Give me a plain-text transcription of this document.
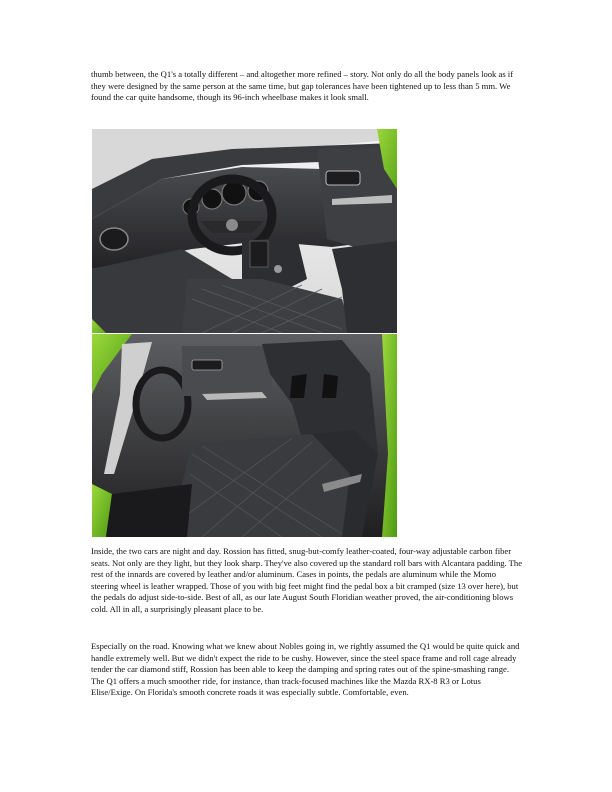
thumb between, the Q1's a totally different – and altogether more refined – story. Not only do all the body panels look as if they were designed by the same person at the same time, but gap tolerances have been tightened up to less than 5 mm. We found the car quite handsome, though its 96-inch wheelbase makes it look small.

Inside, the two cars are night and day. Rossion has fitted, snug-but-comfy leather-coated, four-way adjustable carbon fiber seats. Not only are they light, but they look sharp. They've also covered up the standard roll bars with Alcantara padding. The rest of the innards are covered by leather and/or aluminum. Cases in points, the pedals are aluminum while the Momo steering wheel is leather wrapped. Those of you with big feet might find the pedal box a bit cramped (size 13 over here), but the pedals do adjust side-to-side. Best of all, as our late August South Floridian weather proved, the air-conditioning blows cold. All in all, a surprisingly pleasant place to be.

Especially on the road. Knowing what we knew about Nobles going in, we rightly assumed the Q1 would be quite quick and handle extremely well. But we didn't expect the ride to be cushy. However, since the steel space frame and roll cage already tender the car diamond stiff, Rossion has been able to keep the damping and spring rates out of the spine-smashing range. The Q1 offers a much smoother ride, for instance, than track-focused machines like the Mazda RX-8 R3 or Lotus Elise/Exige. On Florida's smooth concrete roads it was especially subtle. Comfortable, even.
